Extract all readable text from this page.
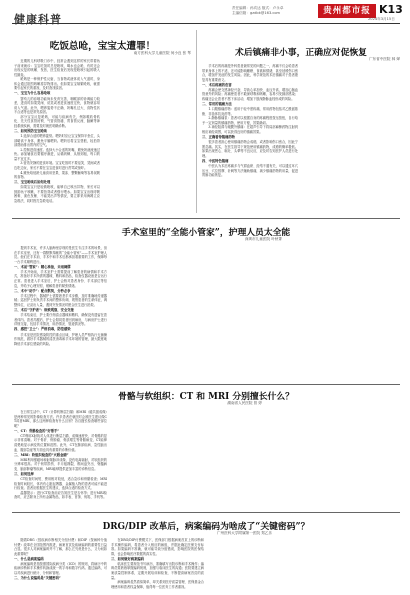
健康科普
责任编辑：孙宾达 版式：卢永卓
主编信箱：gzdbk@163.com	贵州都市报 K13
2024年3月15日
吃饭总呛，宝宝太遭罪！
南方医科大学儿童医院 何小良 张 琴

近期的儿科呼吸门诊中，经常会遇到这样的家长带着孩子前来就诊：宝宝吃饭时总是呛咳，喝水也会呛，有时还会出现反复的咳嗽、发热，医生检查后发现是呛咳引起的吸入性肺炎。

呛咳是一种保护性反射，当食物或液体误入气道时，身体会通过剧烈咳嗽将异物排出。但如果宝宝频繁呛咳，就需要引起家长的重视，及时查找原因。

一、宝宝为什么容易呛咳

婴幼儿的吞咽功能尚未发育完善，咽喉部的协调能力较差，进食时如果哭闹、说笑或者进食速度过快，食物就容易误入气道。此外，喂养姿势不正确、奶嘴孔过大、食物性状不合适等也是常见原因。

部分宝宝反复呛咳，可能与疾病有关，例如喉软骨软化、先天性食管闭锁、气管食管瘘、胃食管反流、脑瘫等神经系统疾病，需要及时就医明确诊断。

二、如何预防宝宝呛咳

1.选择合适的喂养姿势。喂奶时应让宝宝保持半坐位，头部略高于身体，避免平躺喂奶。喂奶后将宝宝竖抱，轻拍背部帮助排出胃内的空气。

2.控制进食速度。选择大小合适的奶嘴，避免奶液流速过快。添加辅食后要循序渐进，从稀到稠、从细到粗，每口的量不宜过多。

3.营造安静的进食环境。宝宝吃饭时不要逗笑、哭闹或者边吃边玩，家长不要在宝宝进食时进行责骂或惊吓。

4.避免给低龄儿童食用坚果、果冻、整颗葡萄等容易误吸的食物。

三、宝宝呛咳后如何处理

如果宝宝只是轻微呛咳，能够自己咳出异物，家长可以鼓励孩子咳嗽，不要拍背或者强行喂水。如果宝宝出现呼吸困难、面色发紫、不能哭出声等情况，要立即采用海姆立克急救法，同时拨打急救电话。

术后镇痛非小事，正确应对促恢复
广东省中医院 林 婵

手术后的疼痛是外科患者最常见的问题之一，疼痛不仅会给患者带来身体上的不适，还可能影响睡眠、食欲和情绪，甚至延缓伤口愈合，增加并发症的发生风险。因此，科学规范的术后镇痛对于患者康复具有重要意义。

一、术后疼痛的危害

疼痛会使交感神经兴奋，导致心率加快、血压升高，增加心脑血管意外的风险；疼痛使患者不敢深呼吸和咳嗽，容易引发肺部感染；疼痛还会让患者不愿下床活动，增加下肢深静脉血栓形成的风险。

二、常用的镇痛方法

1.口服镇痛药物：适用于轻中度疼痛，常用药物包括对乙酰氨基酚、非甾体抗炎药等。

2.静脉镇痛泵：患者可以根据自身的疼痛程度按压按钮，自行给予一定剂量的镇痛药物，使用方便，效果确切。

3.神经阻滞与硬膜外镇痛：在超声引导下将局部麻醉药物注射到相应神经周围，可以获得良好的镇痛效果。

三、正确看待镇痛药物

很多患者担心使用镇痛药物会成瘾，或者影响伤口愈合，因此宁愿忍痛。其实，在医生指导下规范使用镇痛药物，成瘾的概率极低。如果出现恶心、呕吐、头晕等不良反应，应及时告知医护人员进行处理。

四、中医特色镇痛

中医认为术后疼痛多与气滞血瘀、经络不通有关，可以通过耳穴压豆、穴位按摩、针刺等方法辅助镇痛，减少镇痛药物的用量，促进胃肠功能恢复。

手术室里的“全能小管家”，护理人员太全能
深圳市儿童医院 叶秋菁

提到手术室，许多人脑海里浮现的是医生专注手术的场景，但在手术室里，还有一群默默奉献的“全能小管家”——手术室护理人员。他们在手术前、手术中和手术后都承担着重要的工作，保障每一台手术顺利进行。

一、术前“管家”：精心准备，未雨绸缪

手术开始前，手术室护士需要提前了解患者的病情和手术方式，准备好手术所需的器械、敷料和药品，检查仪器设备是否运行正常。患者进入手术室后，护士会核对患者身份、手术部位等信息，并给予心理安慰，缓解患者的紧张情绪。

二、术中“助手”：配合默契，分秒必争

手术过程中，器械护士需要熟悉手术步骤，及时准确地传递器械；巡回护士则负责手术间的整体协调，观察患者的生命体征，调整体位，记录出入量，遇到突发情况时配合医生进行抢救。

三、术后“守护者”：细致观察，安全交接

手术结束后，护士要仔细清点器械和敷料，确保没有遗留在患者体内。患者苏醒后，护士会陪同患者回到病房，与病房护士进行详细交接，包括手术情况、用药情况、管道情况等。

四、感控“卫士”：严格消毒，防范感染

手术室是医院感染防控的重点区域，护理人员严格执行无菌操作规范，做好手术器械的清洗消毒和手术环境的管理，最大限度地降低手术部位感染的风险。

骨骼与软组织：CT 和 MRI 分别擅长什么？
湖南省人民医院 曾 婷

在日常生活中，CT（计算机断层扫描）和MRI（磁共振成像）是两种常见的影像检查方法。许多患者在就医时会被医生建议做CT或者MRI，那么这两种检查有什么区别？各自擅长检查哪些部位呢？

一、CT：骨骼检查的“好帮手”

CT利用X射线对人体进行断层扫描，成像速度快，对骨骼的显示非常清晰。对于骨折、骨肿瘤、骨质增生等骨骼病变，CT能够清楚地显示病变的位置和范围。此外，CT在肺部疾病、急性脑出血、腹部急症等方面也具有重要的诊断价值。

二、MRI：软组织检查的“火眼金睛”

MRI利用强磁场和射频脉冲成像，没有电离辐射，对软组织的分辨率很高。对于韧带损伤、半月板撕裂、椎间盘突出、脊髓病变、脑部肿瘤等疾病，MRI能够提供更加丰富的诊断信息。

三、如何选择

CT检查时间短、费用相对较低，适合急诊和骨骼检查；MRI检查时间较长，体内有心脏起搏器、金属植入物的患者可能不能进行检查。患者应根据医生的建议，选择合适的检查方式。

温馨提示：进行CT检查前应告知医生是否怀孕；进行MRI检查时，应去除身上所有金属物品，如手表、首饰、钥匙、手机等。

DRG/DIP 改革后，病案编码为啥成了“关键密码”？
广州医科大学附属第一医院 郑乙乐

随着DRG（按疾病诊断相关分组付费）和DIP（按病种分值付费）改革在全国范围内推进，病案首页及疾病编码的重要性日益凸显。很多人对病案编码并不了解，那么它究竟是什么，又为何如此重要呢？

一、什么是病案编码

病案编码是指按照国际疾病分类（ICD）的规则，将病历中的疾病诊断和手术操作转换成统一的字母和数字代码。通过编码，可以对疾病进行统计、分析和管理。

二、为什么说编码是“关键密码”

在DRG/DIP付费模式下，医保部门根据病案首页上的诊断和手术操作编码，将患者分入相应的病组，并据此确定医保支付标准。如果编码不准确，就可能导致分组错误，影响医院的医保结算，也会影响医疗数据的真实性。

三、如何做好病案编码

临床医生要规范书写病历，准确填写出院诊断和手术操作；编码员要熟练掌握编码规则，加强与临床医生的沟通；医院要建立病案质量控制体系，定期开展培训和检查，不断提高病案首页的质量。

病案编码虽然看似简单，却关系到医疗质量管理、医保基金合理使用和患者权益保障，值得每一位医务工作者重视。
